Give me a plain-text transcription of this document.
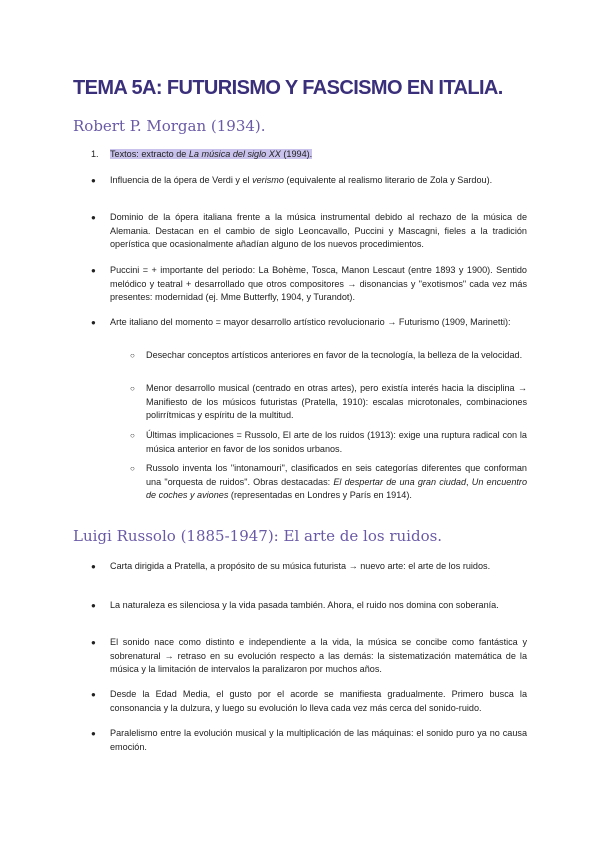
TEMA 5A: FUTURISMO Y FASCISMO EN ITALIA.
Robert P. Morgan (1934).
1. Textos: extracto de La música del siglo XX (1994).
●	Influencia de la ópera de Verdi y el verismo (equivalente al realismo literario de Zola y Sardou).
●	Dominio de la ópera italiana frente a la música instrumental debido al rechazo de la música de Alemania. Destacan en el cambio de siglo Leoncavallo, Puccini y Mascagni, fieles a la tradición operística que ocasionalmente añadían alguno de los nuevos procedimientos.
●	Puccini = + importante del periodo: La Bohème, Tosca, Manon Lescaut (entre 1893 y 1900). Sentido melódico y teatral + desarrollado que otros compositores → disonancias y "exotismos" cada vez más presentes: modernidad (ej. Mme Butterfly, 1904, y Turandot).
●	Arte italiano del momento = mayor desarrollo artístico revolucionario → Futurismo (1909, Marinetti):
○ Desechar conceptos artísticos anteriores en favor de la tecnología, la belleza de la velocidad.
○ Menor desarrollo musical (centrado en otras artes), pero existía interés hacia la disciplina → Manifiesto de los músicos futuristas (Pratella, 1910): escalas microtonales, combinaciones polirrítmicas y espíritu de la multitud.
○ Últimas implicaciones = Russolo, El arte de los ruidos (1913): exige una ruptura radical con la música anterior en favor de los sonidos urbanos.
○ Russolo inventa los "intonamouri", clasificados en seis categorías diferentes que conforman una "orquesta de ruidos". Obras destacadas: El despertar de una gran ciudad, Un encuentro de coches y aviones (representadas en Londres y París en 1914).
Luigi Russolo (1885-1947): El arte de los ruidos.
●	Carta dirigida a Pratella, a propósito de su música futurista → nuevo arte: el arte de los ruidos.
●	La naturaleza es silenciosa y la vida pasada también. Ahora, el ruido nos domina con soberanía.
●	El sonido nace como distinto e independiente a la vida, la música se concibe como fantástica y sobrenatural → retraso en su evolución respecto a las demás: la sistematización matemática de la música y la limitación de intervalos la paralizaron por muchos años.
●	Desde la Edad Media, el gusto por el acorde se manifiesta gradualmente. Primero busca la consonancia y la dulzura, y luego su evolución lo lleva cada vez más cerca del sonido-ruido.
●	Paralelismo entre la evolución musical y la multiplicación de las máquinas: el sonido puro ya no causa emoción.
